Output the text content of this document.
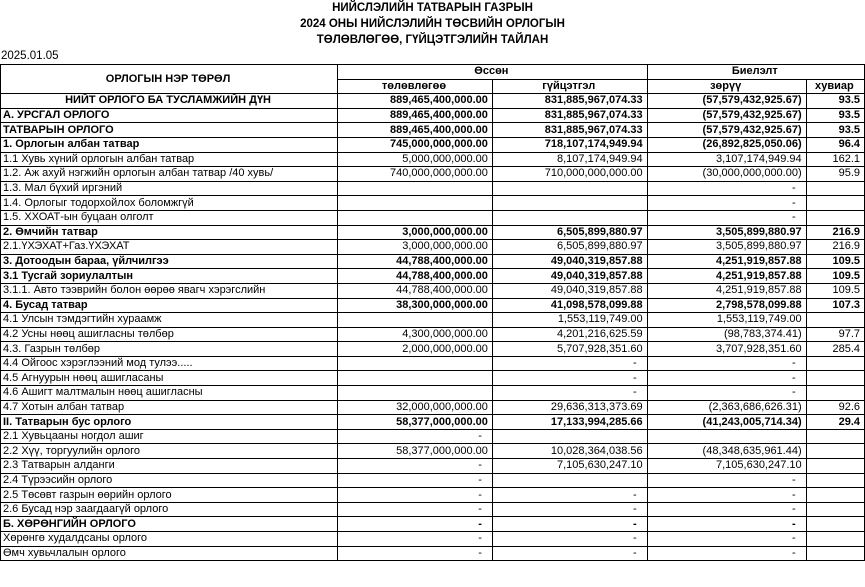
НИЙСЛЭЛИЙН ТАТВАРЫН ГАЗРЫН
2024 ОНЫ НИЙСЛЭЛИЙН ТӨСВИЙН ОРЛОГЫН
ТӨЛӨВЛӨГӨӨ, ГҮЙЦЭТГЭЛИЙН ТАЙЛАН
2025.01.05
ОРЛОГЫН НЭР ТӨРӨЛ	Өссөн		Биелэлт	
	төлөвлөгөө	гүйцэтгэл	зөрүү	хувиар
НИЙТ ОРЛОГО БА ТУСЛАМЖИЙН ДҮН	889,465,400,000.00	831,885,967,074.33	(57,579,432,925.67)	93.5
А. УРСГАЛ ОРЛОГО	889,465,400,000.00	831,885,967,074.33	(57,579,432,925.67)	93.5
ТАТВАРЫН ОРЛОГО	889,465,400,000.00	831,885,967,074.33	(57,579,432,925.67)	93.5
1. Орлогын албан татвар	745,000,000,000.00	718,107,174,949.94	(26,892,825,050.06)	96.4
1.1 Хувь хүний орлогын албан татвар	5,000,000,000.00	8,107,174,949.94	3,107,174,949.94	162.1
1.2. Аж ахуй нэгжийн орлогын албан татвар /40 хувь/	740,000,000,000.00	710,000,000,000.00	(30,000,000,000.00)	95.9
1.3. Мал бүхий иргэний			-	
1.4. Орлогыг тодорхойлох боломжгүй			-	
1.5. ХХОАТ-ын буцаан олголт			-	
2. Өмчийн татвар	3,000,000,000.00	6,505,899,880.97	3,505,899,880.97	216.9
2.1.ҮХЭХАТ+Газ.ҮХЭХАТ	3,000,000,000.00	6,505,899,880.97	3,505,899,880.97	216.9
3. Дотоодын бараа, үйлчилгээ	44,788,400,000.00	49,040,319,857.88	4,251,919,857.88	109.5
3.1 Тусгай зориулалтын	44,788,400,000.00	49,040,319,857.88	4,251,919,857.88	109.5
3.1.1. Авто тээврийн болон өөрөө явагч хэрэгслийн	44,788,400,000.00	49,040,319,857.88	4,251,919,857.88	109.5
4. Бусад татвар	38,300,000,000.00	41,098,578,099.88	2,798,578,099.88	107.3
4.1 Улсын тэмдэгтийн хураамж		1,553,119,749.00	1,553,119,749.00	
4.2 Усны нөөц ашигласны төлбөр	4,300,000,000.00	4,201,216,625.59	(98,783,374.41)	97.7
4.3. Газрын төлбөр	2,000,000,000.00	5,707,928,351.60	3,707,928,351.60	285.4
4.4 Ойгоос хэрэглээний мод тулээ.....		-	-	
4.5 Агнуурын нөөц ашигласаны		-	-	
4.6 Ашигт малтмалын нөөц ашигласны		-	-	
4.7 Хотын албан татвар	32,000,000,000.00	29,636,313,373.69	(2,363,686,626.31)	92.6
II. Татварын бус орлого	58,377,000,000.00	17,133,994,285.66	(41,243,005,714.34)	29.4
2.1 Хувьцааны ногдол ашиг	-			
2.2 Хүү, торгуулийн орлого	58,377,000,000.00	10,028,364,038.56	(48,348,635,961.44)	
2.3 Татварын алданги	-	7,105,630,247.10	7,105,630,247.10	
2.4 Түрээсийн орлого	-		-	
2.5 Төсөвт газрын өөрийн орлого	-	-	-	
2.6 Бусад нэр заагдаагүй орлого	-	-	-	
Б. ХӨРӨНГИЙН ОРЛОГО	-	-	-	
Хөрөнгө худалдсаны орлого	-	-	-	
Өмч хувьчлалын орлого	-	-	-	
